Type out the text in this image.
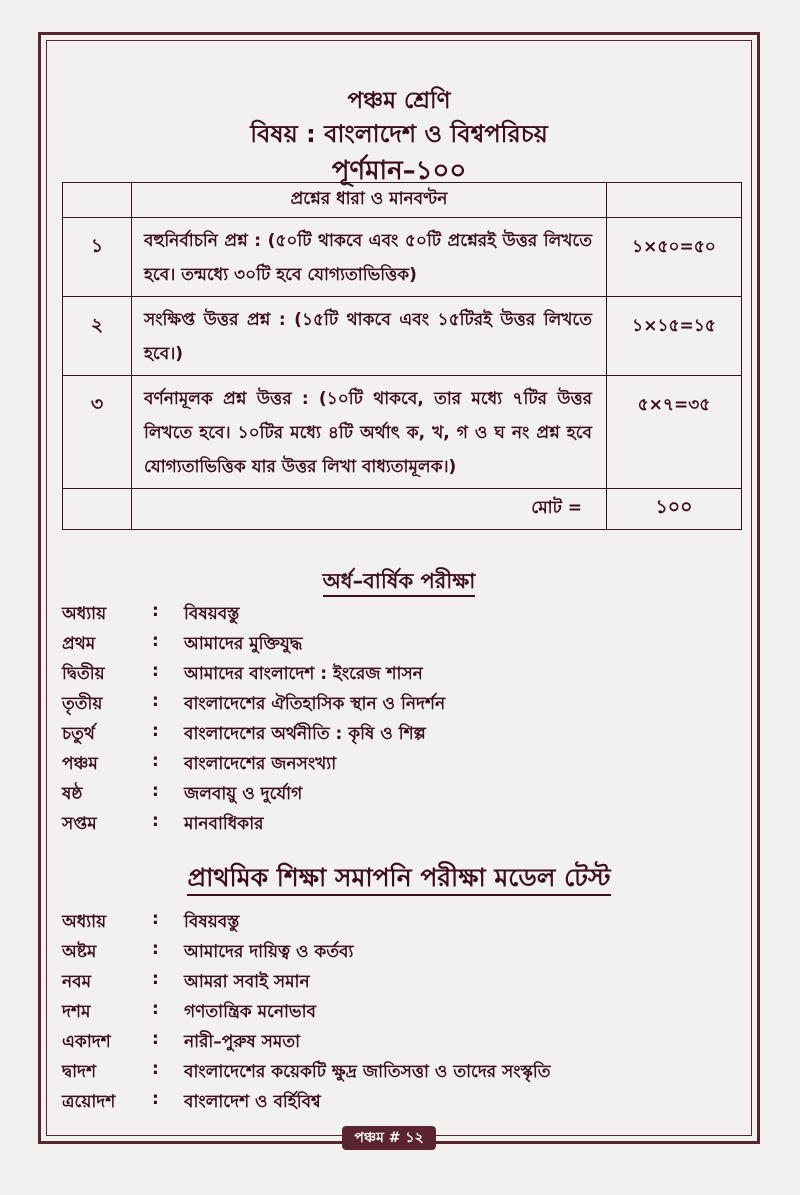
পঞ্চম শ্রেণি
বিষয় : বাংলাদেশ ও বিশ্বপরিচয়
পূর্ণমান–১০০
	প্রশ্নের ধারা ও মানবণ্টন	
১	বহুনির্বাচনি প্রশ্ন : (৫০টি থাকবে এবং ৫০টি প্রশ্নেরই উত্তর লিখতে হবে। তন্মধ্যে ৩০টি হবে যোগ্যতাভিত্তিক)	১×৫০=৫০
২	সংক্ষিপ্ত উত্তর প্রশ্ন : (১৫টি থাকবে এবং ১৫টিরই উত্তর লিখতে হবে।)	১×১৫=১৫
৩	বর্ণনামূলক প্রশ্ন উত্তর : (১০টি থাকবে, তার মধ্যে ৭টির উত্তর লিখতে হবে। ১০টির মধ্যে ৪টি অর্থাৎ ক, খ, গ ও ঘ নং প্রশ্ন হবে যোগ্যতাভিত্তিক যার উত্তর লিখা বাধ্যতামূলক।)	৫×৭=৩৫
	মোট =	১০০
অর্ধ–বার্ষিক পরীক্ষা
অধ্যায়	: বিষয়বস্তু
প্রথম	: আমাদের মুক্তিযুদ্ধ
দ্বিতীয়	: আমাদের বাংলাদেশ : ইংরেজ শাসন
তৃতীয়	: বাংলাদেশের ঐতিহাসিক স্থান ও নিদর্শন
চতুর্থ	: বাংলাদেশের অর্থনীতি : কৃষি ও শিল্প
পঞ্চম	: বাংলাদেশের জনসংখ্যা
ষষ্ঠ	: জলবায়ু ও দুর্যোগ
সপ্তম	: মানবাধিকার
প্রাথমিক শিক্ষা সমাপনি পরীক্ষা মডেল টেস্ট
অধ্যায়	: বিষয়বস্তু
অষ্টম	: আমাদের দায়িত্ব ও কর্তব্য
নবম	: আমরা সবাই সমান
দশম	: গণতান্ত্রিক মনোভাব
একাদশ : নারী–পুরুষ সমতা
দ্বাদশ	: বাংলাদেশের কয়েকটি ক্ষুদ্র জাতিসত্তা ও তাদের সংস্কৃতি
ত্রয়োদশ : বাংলাদেশ ও বর্হিবিশ্ব
পঞ্চম # ১২
